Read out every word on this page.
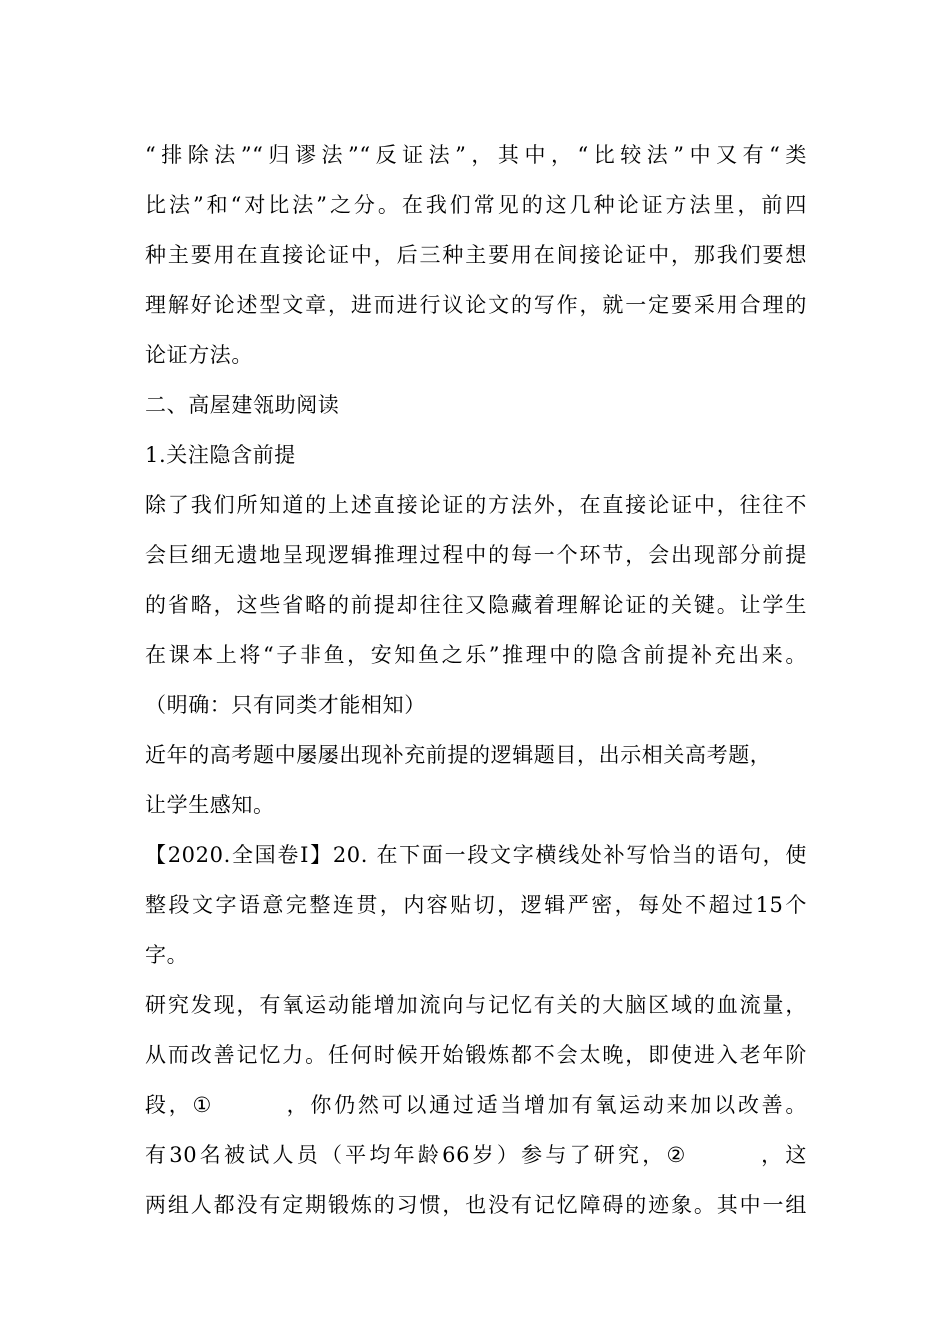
“排除法”“归谬法”“反证法”，其中，“比较法”中又有“类
比法”和“对比法”之分。在我们常见的这几种论证方法里，前四
种主要用在直接论证中，后三种主要用在间接论证中，那我们要想
理解好论述型文章，进而进行议论文的写作，就一定要采用合理的
论证方法。
二、高屋建瓴助阅读
1.关注隐含前提
除了我们所知道的上述直接论证的方法外，在直接论证中，往往不
会巨细无遗地呈现逻辑推理过程中的每一个环节，会出现部分前提
的省略，这些省略的前提却往往又隐藏着理解论证的关键。让学生
在课本上将“子非鱼，安知鱼之乐”推理中的隐含前提补充出来。
（明确：只有同类才能相知）
近年的高考题中屡屡出现补充前提的逻辑题目，出示相关高考题，
让学生感知。
【2020.全国卷Ⅰ】20. 在下面一段文字横线处补写恰当的语句，使
整段文字语意完整连贯，内容贴切，逻辑严密，每处不超过15个
字。
研究发现，有氧运动能增加流向与记忆有关的大脑区域的血流量，
从而改善记忆力。任何时候开始锻炼都不会太晚，即使进入老年阶
段，①	，你仍然可以通过适当增加有氧运动来加以改善。
有30名被试人员（平均年龄66岁）参与了研究，②	，这
两组人都没有定期锻炼的习惯，也没有记忆障碍的迹象。其中一组
